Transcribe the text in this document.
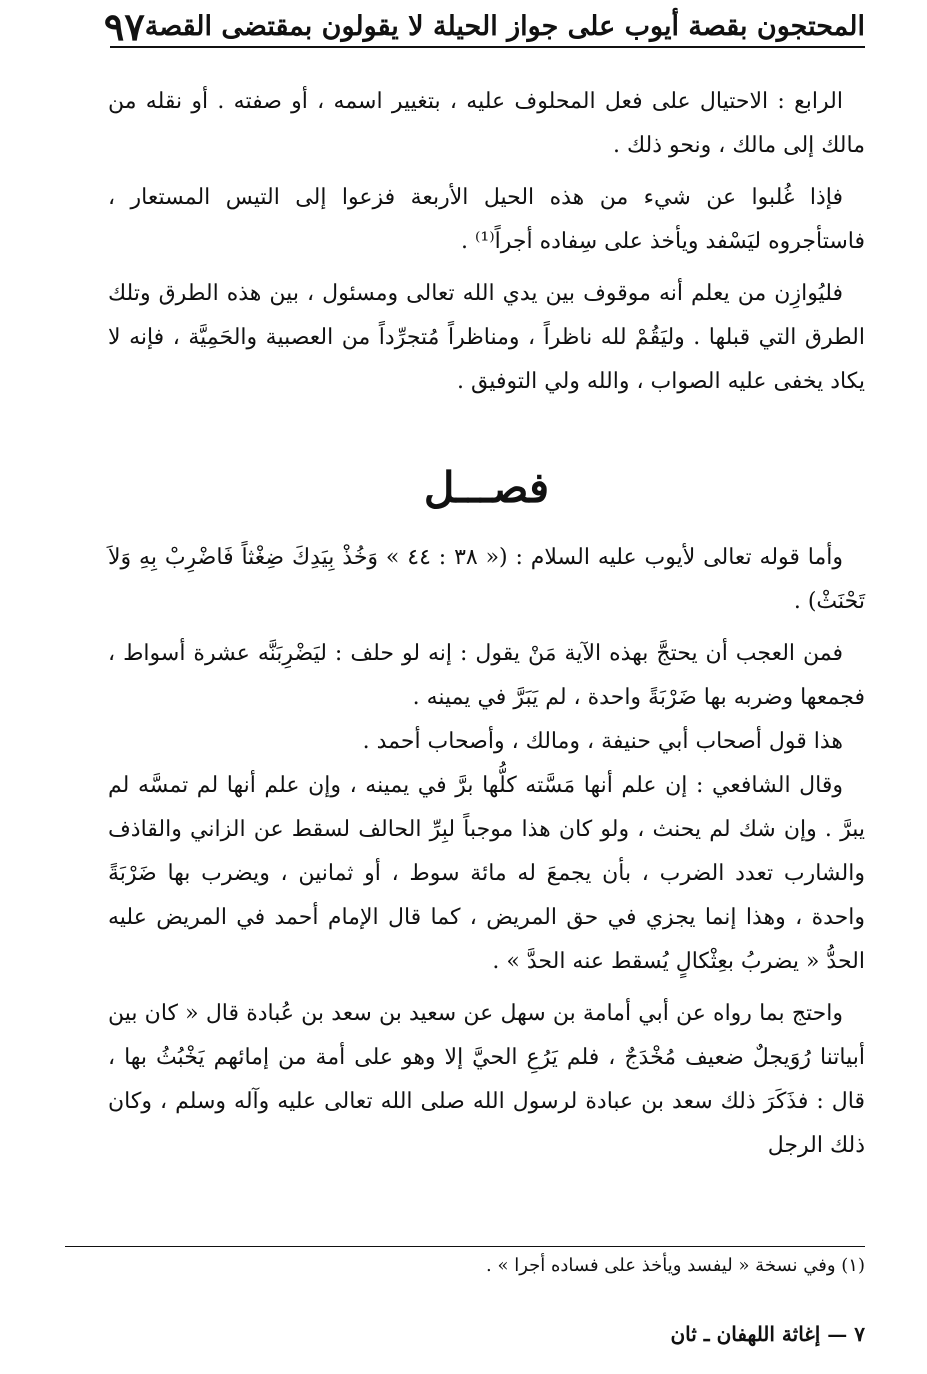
المحتجون بقصة أيوب على جواز الحيلة لا يقولون بمقتضى القصة
٩٧

الرابع : الاحتيال على فعل المحلوف عليه ، بتغيير اسمه ، أو صفته . أو نقله من مالك إلى مالك ، ونحو ذلك .

فإذا غُلبوا عن شيء من هذه الحيل الأربعة فزعوا إلى التيس المستعار ، فاستأجروه ليَسْفد ويأخذ على سِفاده أجراً⁽¹⁾ .

فليُوازِن من يعلم أنه موقوف بين يدي الله تعالى ومسئول ، بين هذه الطرق وتلك الطرق التي قبلها . وليَقُمْ لله ناظراً ، ومناظراً مُتجرِّداً من العصبية والحَمِيَّة ، فإنه لا يكاد يخفى عليه الصواب ، والله ولي التوفيق .

فصـــل

وأما قوله تعالى لأيوب عليه السلام : (« ٣٨ : ٤٤ » وَخُذْ بِيَدِكَ ضِغْثاً فَاضْرِبْ بِهِ وَلاَ تَحْنَثْ) .

فمن العجب أن يحتجَّ بهذه الآية مَنْ يقول : إنه لو حلف : ليَضْرِبَنَّه عشرة أسواط ، فجمعها وضربه بها ضَرْبَةً واحدة ، لم يَبَرَّ في يمينه .

هذا قول أصحاب أبي حنيفة ، ومالك ، وأصحاب أحمد .

وقال الشافعي : إن علم أنها مَسَّته كلُّها برَّ في يمينه ، وإن علم أنها لم تمسَّه لم يبرَّ . وإن شك لم يحنث ، ولو كان هذا موجباً لبِرِّ الحالف لسقط عن الزاني والقاذف والشارب تعدد الضرب ، بأن يجمعَ له مائة سوط ، أو ثمانين ، ويضرب بها ضَرْبَةً واحدة ، وهذا إنما يجزي في حق المريض ، كما قال الإمام أحمد في المريض عليه الحدُّ « يضربُ بعِثْكالٍ يُسقط عنه الحدَّ » .

واحتج بما رواه عن أبي أمامة بن سهل عن سعيد بن سعد بن عُبادة قال « كان بين أبياتنا رُوَيجلٌ ضعيف مُخْدَجٌ ، فلم يَرُعِ الحيَّ إلا وهو على أمة من إمائهم يَخْبُثُ بها ، قال : فذَكَرَ ذلك سعد بن عبادة لرسول الله صلى الله تعالى عليه وآله وسلم ، وكان ذلك الرجل

(١) وفي نسخة « ليفسد ويأخذ على فساده أجرا » .
٧ — إغاثة اللهفان ـ ثان
